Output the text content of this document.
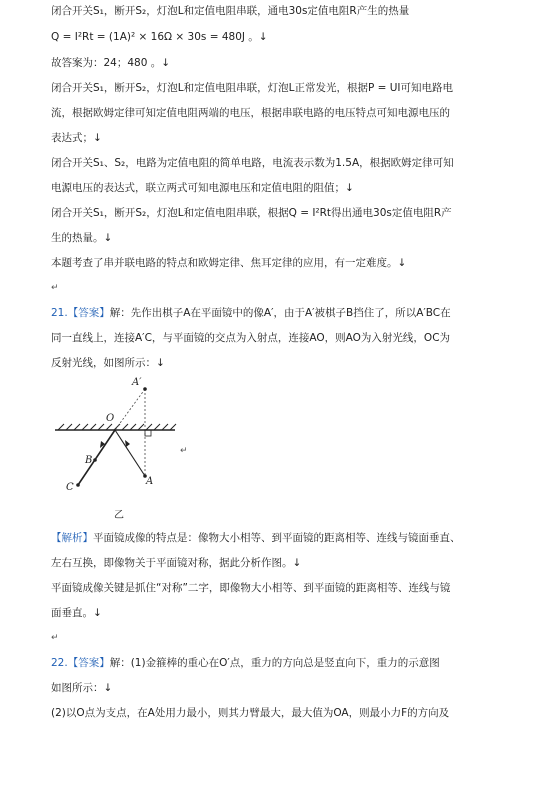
闭合开关S₁，断开S₂，灯泡L和定值电阻串联，通电30s定值电阻R产生的热量
Q = I²Rt = (1A)² × 16Ω × 30s = 480J 。↓
故答案为：24；480 。↓
闭合开关S₁，断开S₂，灯泡L和定值电阻串联，灯泡L正常发光，根据P = UI可知电路电
流，根据欧姆定律可知定值电阻两端的电压，根据串联电路的电压特点可知电源电压的
表达式；↓
闭合开关S₁、S₂，电路为定值电阻的简单电路，电流表示数为1.5A，根据欧姆定律可知
电源电压的表达式，联立两式可知电源电压和定值电阻的阻值；↓
闭合开关S₁，断开S₂，灯泡L和定值电阻串联，根据Q = I²Rt得出通电30s定值电阻R产
生的热量。↓
本题考查了串并联电路的特点和欧姆定律、焦耳定律的应用，有一定难度。↓
↵
21.【答案】解：先作出棋子A在平面镜中的像A′，由于A′被棋子B挡住了，所以A′BC在
同一直线上，连接A′C，与平面镜的交点为入射点，连接AO，则AO为入射光线，OC为
反射光线，如图所示：↓
A′
O
B
C
A
乙
↵
【解析】平面镜成像的特点是：像物大小相等、到平面镜的距离相等、连线与镜面垂直、
左右互换，即像物关于平面镜对称，据此分析作图。↓
平面镜成像关键是抓住“对称”二字，即像物大小相等、到平面镜的距离相等、连线与镜
面垂直。↓
↵
22.【答案】解：(1)金箍棒的重心在O′点，重力的方向总是竖直向下，重力的示意图
如图所示：↓
(2)以O点为支点，在A处用力最小，则其力臂最大，最大值为OA，则最小力F的方向及
